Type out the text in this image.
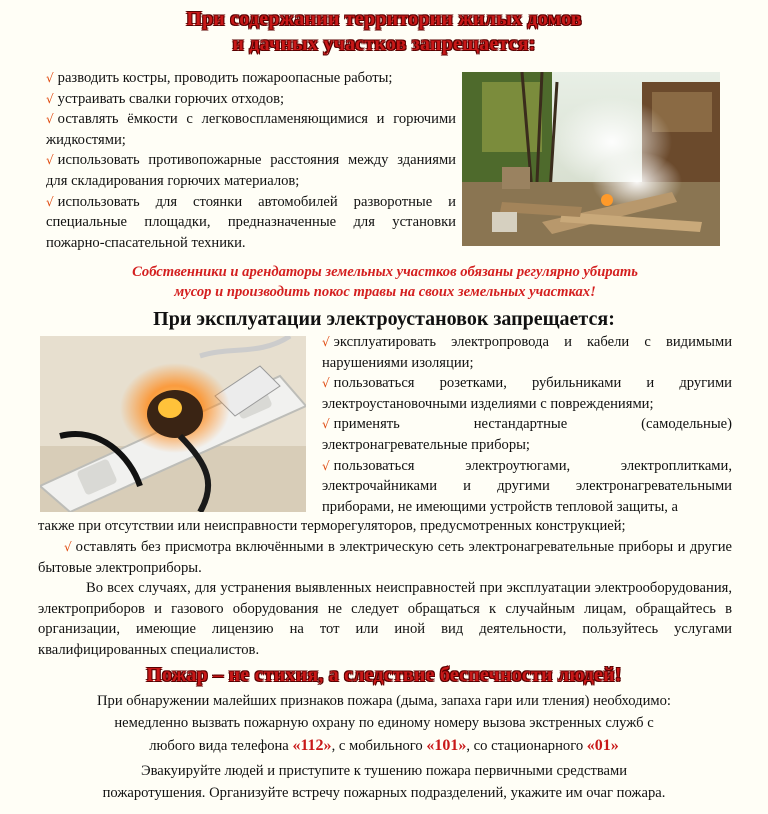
При содержании территории жилых домов
и дачных участков запрещается:

√ разводить костры, проводить пожароопасные работы;

√ устраивать свалки горючих отходов;

√ оставлять ёмкости с легковоспламеняющимися и горючими жидкостями;

√ использовать противопожарные расстояния между зданиями для складирования горючих материалов;

√ использовать для стоянки автомобилей разворотные и специальные площадки, предназначенные для установки пожарно-спасательной техники.

Собственники и арендаторы земельных участков обязаны регулярно убирать
мусор и производить покос травы на своих земельных участках!
При эксплуатации электроустановок запрещается:

√ эксплуатировать электропровода и кабели с видимыми нарушениями изоляции;

√ пользоваться розетками, рубильниками и другими электроустановочными изделиями с повреждениями;

√ применять нестандартные (самодельные) электронагревательные приборы;

√ пользоваться электроутюгами, электроплитками, электрочайниками и другими электронагревательными приборами, не имеющими устройств тепловой защиты, а

также при отсутствии или неисправности терморегуляторов, предусмотренных конструкцией;
√ оставлять без присмотра включёнными в электрическую сеть электронагревательные приборы и другие бытовые электроприборы.
Во всех случаях, для устранения выявленных неисправностей при эксплуатации электрооборудования, электроприборов и газового оборудования не следует обращаться к случайным лицам, обращайтесь в организации, имеющие лицензию на тот или иной вид деятельности, пользуйтесь услугами квалифицированных специалистов.
Пожар – не стихия, а следствие беспечности людей!
При обнаружении малейших признаков пожара (дыма, запаха гари или тления) необходимо:
немедленно вызвать пожарную охрану по единому номеру вызова экстренных служб с
любого вида телефона «112», с мобильного «101», со стационарного «01»
Эвакуируйте людей и приступите к тушению пожара первичными средствами
пожаротушения. Организуйте встречу пожарных подразделений, укажите им очаг пожара.
